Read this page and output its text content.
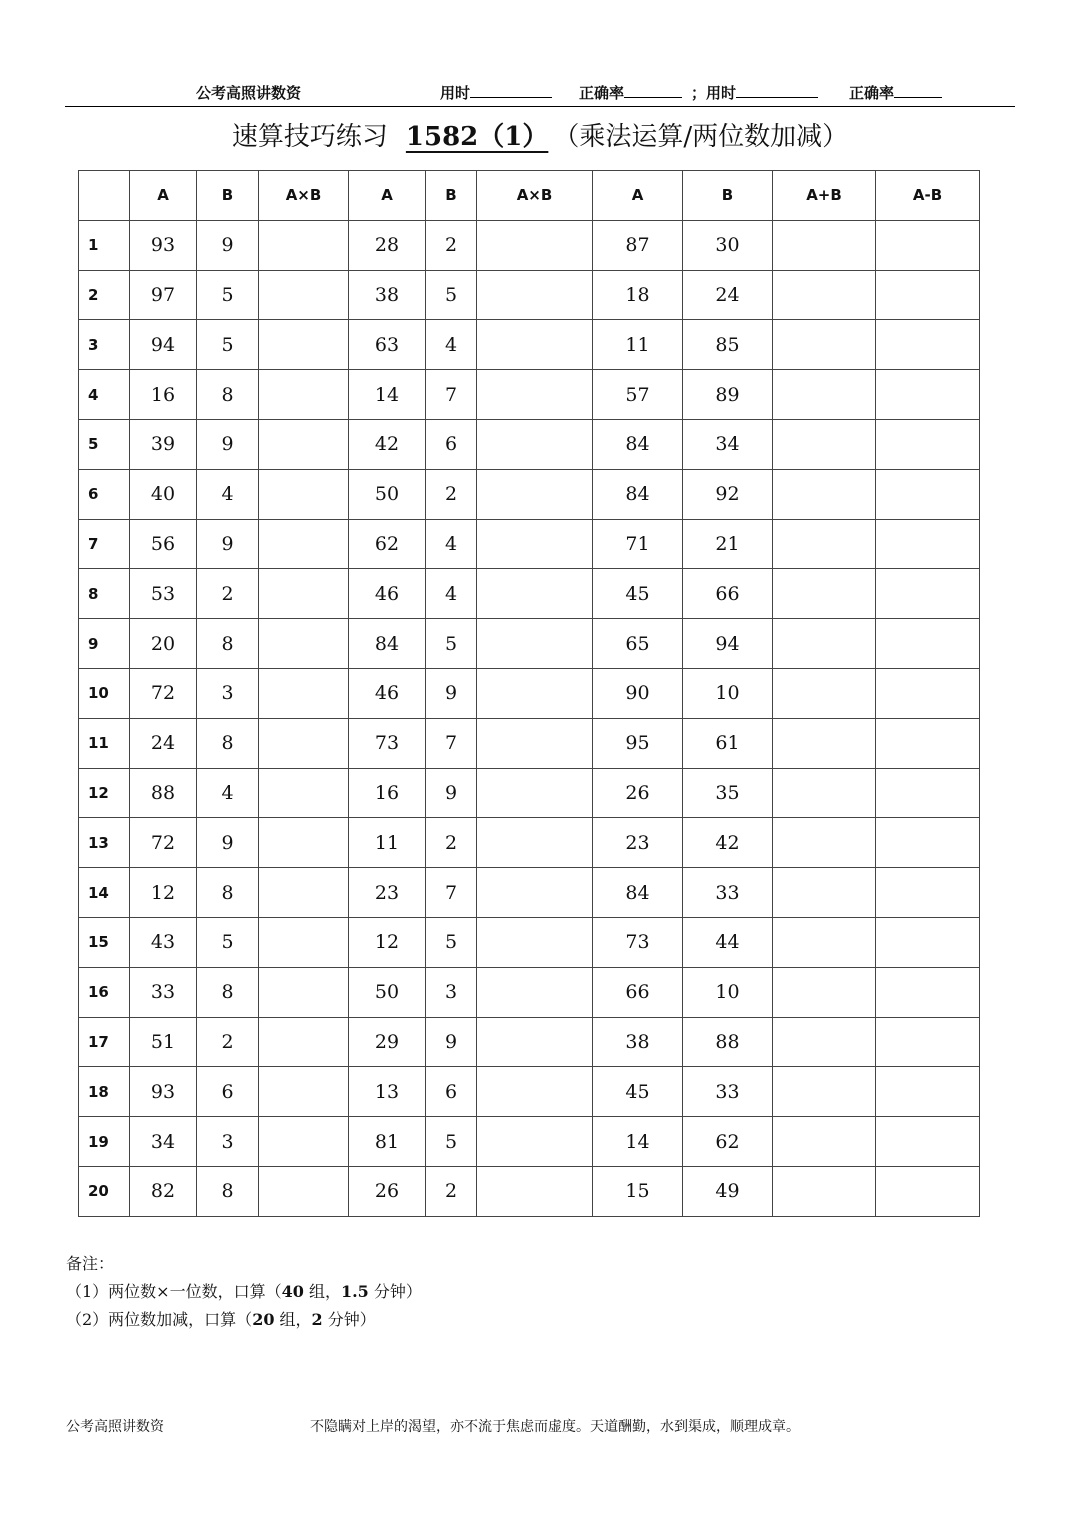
公考高照讲数资	用时	正确率	；用时	正确率
速算技巧练习 1582（1） （乘法运算/两位数加减）
	A	B	A×B	A	B	A×B	A	B	A+B	A-B
1	93	9		28	2		87	30		
2	97	5		38	5		18	24		
3	94	5		63	4		11	85		
4	16	8		14	7		57	89		
5	39	9		42	6		84	34		
6	40	4		50	2		84	92		
7	56	9		62	4		71	21		
8	53	2		46	4		45	66		
9	20	8		84	5		65	94		
10	72	3		46	9		90	10		
11	24	8		73	7		95	61		
12	88	4		16	9		26	35		
13	72	9		11	2		23	42		
14	12	8		23	7		84	33		
15	43	5		12	5		73	44		
16	33	8		50	3		66	10		
17	51	2		29	9		38	88		
18	93	6		13	6		45	33		
19	34	3		81	5		14	62		
20	82	8		26	2		15	49		
备注：
（1）两位数×一位数，口算（40 组，1.5 分钟）
（2）两位数加减，口算（20 组，2 分钟）
公考高照讲数资	不隐瞒对上岸的渴望，亦不流于焦虑而虚度。天道酬勤，水到渠成，顺理成章。
